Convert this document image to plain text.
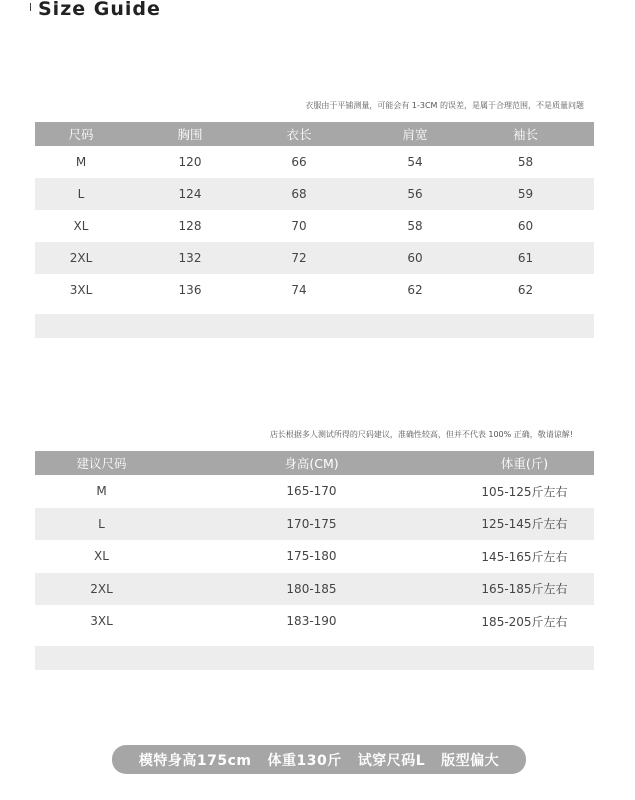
Size Guide
衣服由于平铺测量，可能会有 1-3CM 的误差，是属于合理范围，不是质量问题
尺码	胸围	衣长	肩宽	袖长
M	120	66	54	58
L	124	68	56	59
XL	128	70	58	60
2XL	132	72	60	61
3XL	136	74	62	62
店长根据多人测试所得的尺码建议，准确性较高，但并不代表 100% 正确，敬请谅解!
建议尺码	身高(CM)	体重(斤)
M	165-170	105-125斤左右
L	170-175	125-145斤左右
XL	175-180	145-165斤左右
2XL	180-185	165-185斤左右
3XL	183-190	185-205斤左右
模特身高175cm 体重130斤 试穿尺码L 版型偏大
